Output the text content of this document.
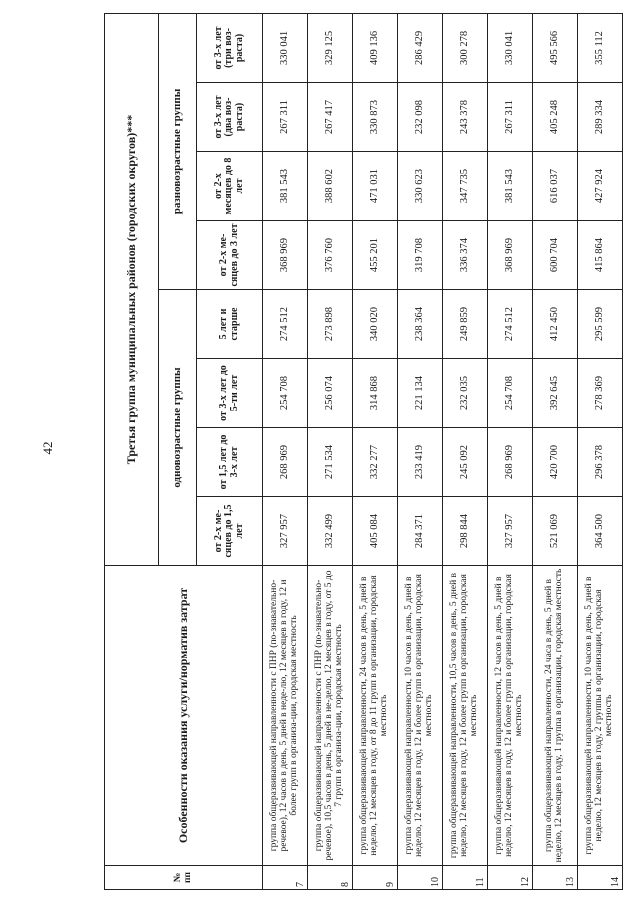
42
№ пп	Особенности оказания услуги/норматив затрат	Третья группа муниципальных районов (городских округов)***							
		одновозрастные группы				разновозрастные группы			
		от 2-х ме-сяцев до 1,5 лет	от 1,5 лет до 3-х лет	от 3-х лет до 5-ти лет	5 лет и старше	от 2-х ме-сяцев до 3 лет	от 2-х месяцев до 8 лет	от 3-х лет (два воз-раста)	от 3-х лет (три воз-раста)
7	группа общеразвивающей направленности с ПНР (по-знавательно-речевое), 12 часов в день, 5 дней в неде-лю, 12 месяцев в году, 12 и более групп в организа-ции, городская местность	327 957	268 969	254 708	274 512	368 969	381 543	267 311	330 041
8	группа общеразвивающей направленности с ПНР (по-знавательно-речевое), 10,5 часов в день, 5 дней в не-делю, 12 месяцев в году, от 5 до 7 групп в организа-ции, городская местность	332 499	271 534	256 074	273 898	376 760	388 602	267 417	329 125
9	группа общеразвивающей направленности, 24 часов в день, 5 дней в неделю, 12 месяцев в году, от 8 до 11 групп в организации, городская местность	405 084	332 277	314 868	340 020	455 201	471 031	330 873	409 136
10	группа общеразвивающей направленности, 10 часов в день, 5 дней в неделю, 12 месяцев в году, 12 и более групп в организации, городская местность	284 371	233 419	221 134	238 364	319 708	330 623	232 098	286 429
11	группа общеразвивающей направленности, 10,5 часов в день, 5 дней в неделю, 12 месяцев в году, 12 и более групп в организации, городская местность	298 844	245 092	232 035	249 859	336 374	347 735	243 378	300 278
12	группа общеразвивающей направленности, 12 часов в день, 5 дней в неделю, 12 месяцев в году, 12 и более групп в организации, городская местность	327 957	268 969	254 708	274 512	368 969	381 543	267 311	330 041
13	группа общеразвивающей направленности, 24 часа в день, 5 дней в неделю, 12 месяцев в году, 1 группа в организации, городская местность	521 069	420 700	392 645	412 450	600 704	616 037	405 248	495 566
14	группа общеразвивающей направленности, 10 часов в день, 5 дней в неделю, 12 месяцев в году, 2 группы в организации, городская местность	364 500	296 378	278 369	295 599	415 864	427 924	289 334	355 112
